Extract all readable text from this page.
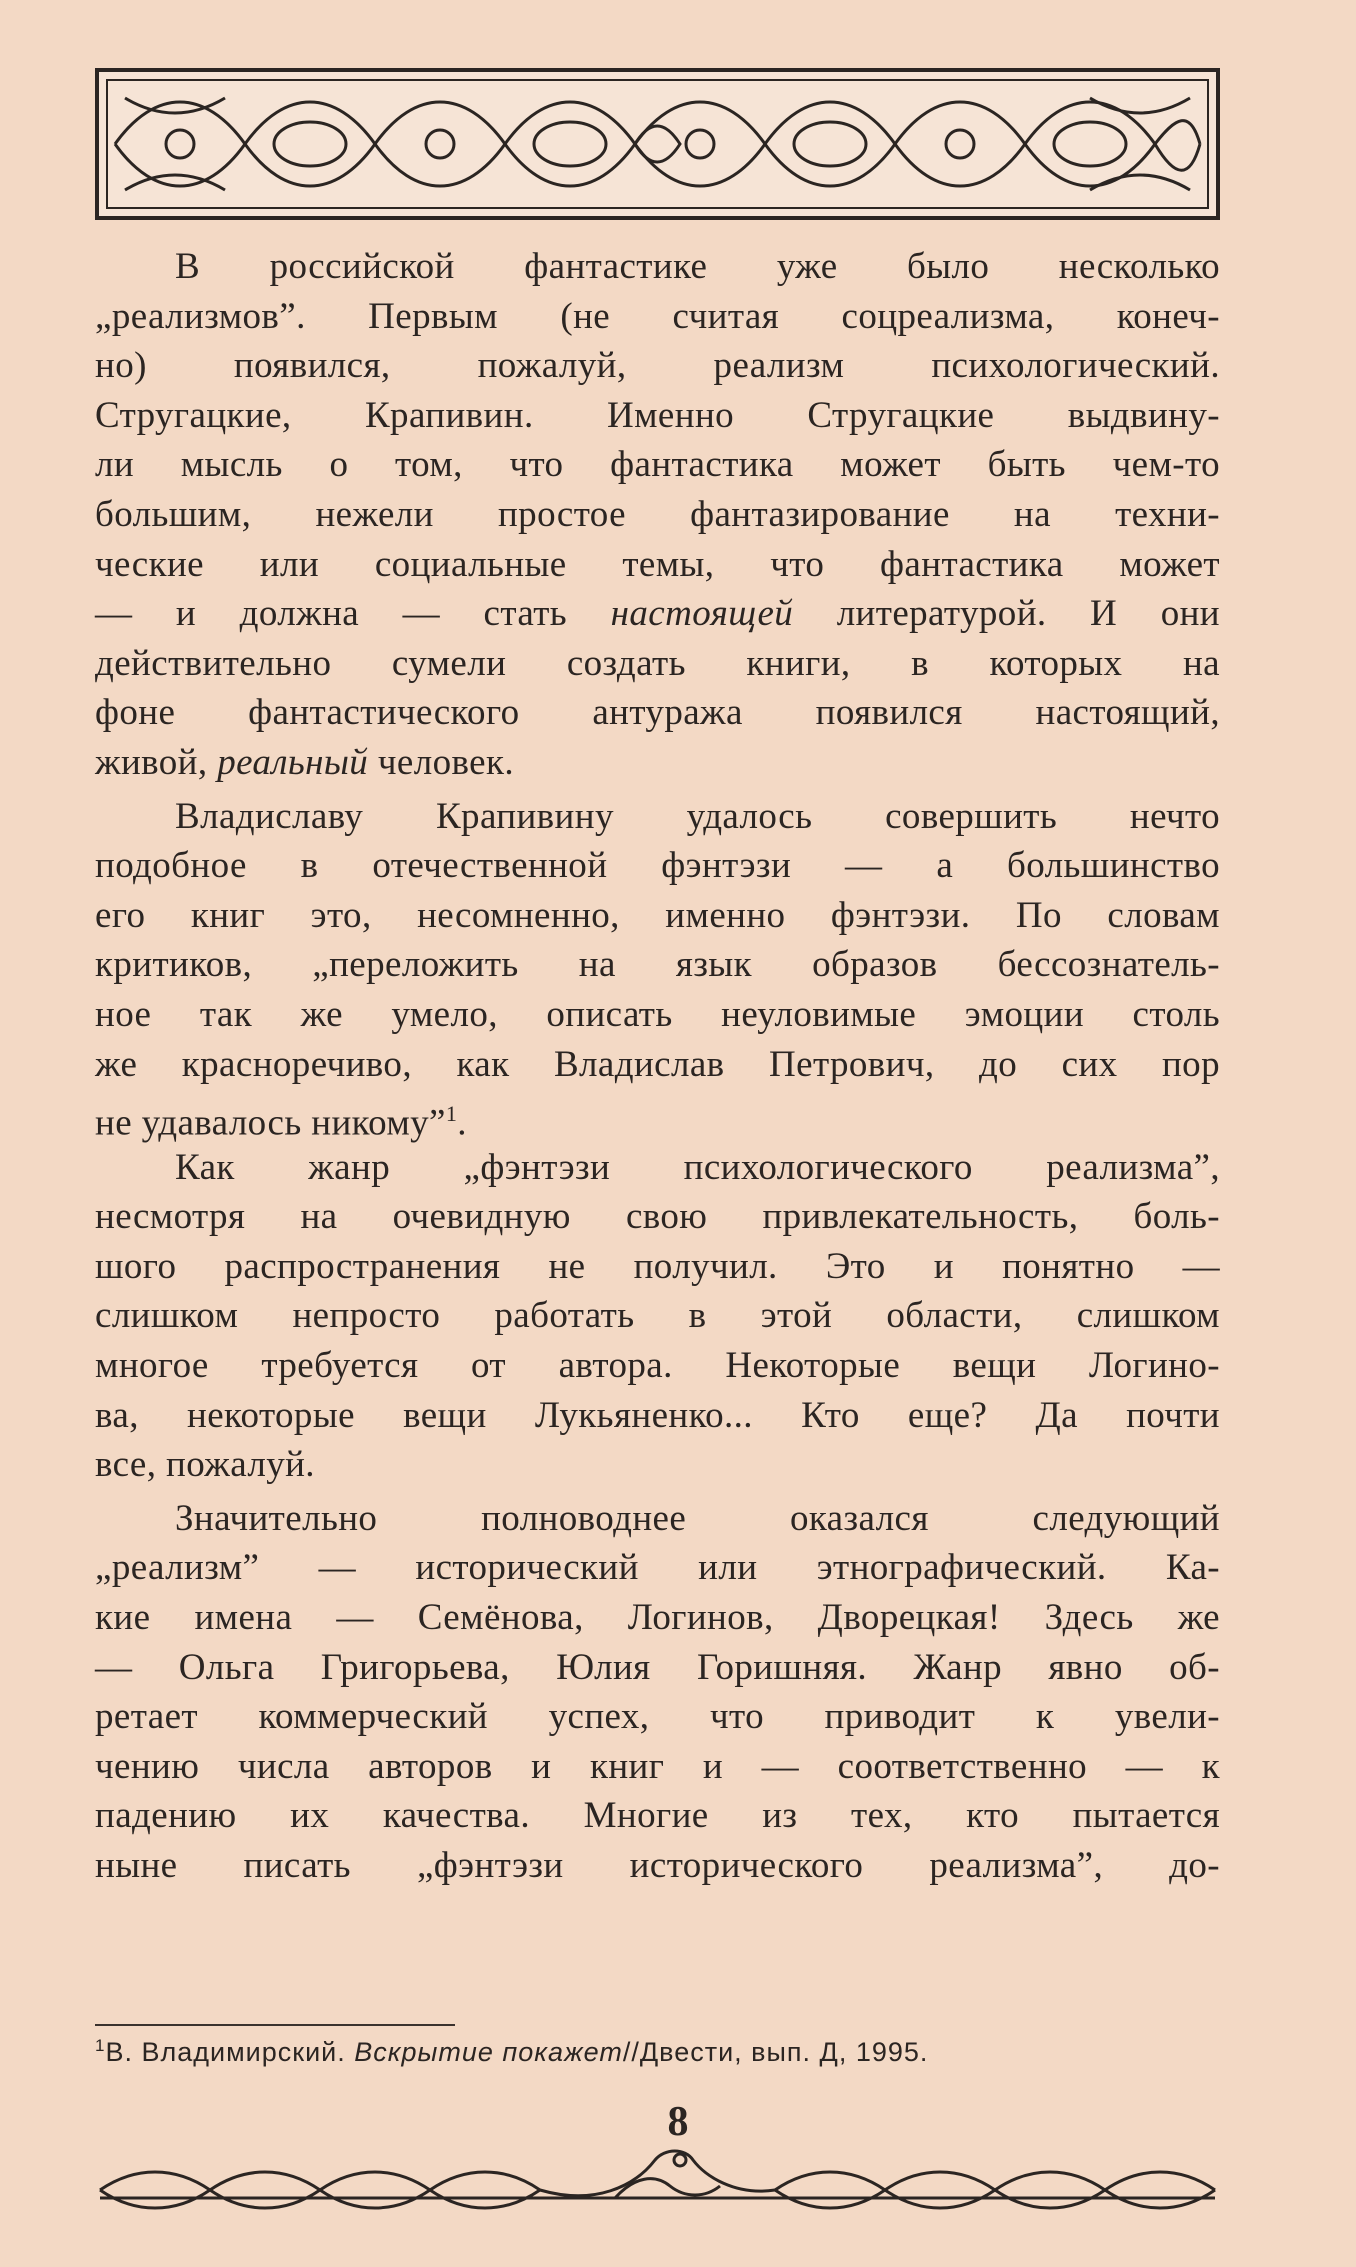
В российской фантастике уже было несколько
„реализмов”. Первым (не считая соцреализма, конеч-
но) появился, пожалуй, реализм психологический.
Стругацкие, Крапивин. Именно Стругацкие выдвину-
ли мысль о том, что фантастика может быть чем-то
большим, нежели простое фантазирование на техни-
ческие или социальные темы, что фантастика может
— и должна — стать настоящей литературой. И они
действительно сумели создать книги, в которых на
фоне фантастического антуража появился настоящий,
живой, реальный человек.
Владиславу Крапивину удалось совершить нечто
подобное в отечественной фэнтэзи — а большинство
его книг это, несомненно, именно фэнтэзи. По словам
критиков, „переложить на язык образов бессознатель-
ное так же умело, описать неуловимые эмоции столь
же красноречиво, как Владислав Петрович, до сих пор
не удавалось никому”$^1$.
Как жанр „фэнтэзи психологического реализма”,
несмотря на очевидную свою привлекательность, боль-
шого распространения не получил. Это и понятно —
слишком непросто работать в этой области, слишком
многое требуется от автора. Некоторые вещи Логино-
ва, некоторые вещи Лукьяненко... Кто еще? Да почти
все, пожалуй.
Значительно полноводнее оказался следующий
„реализм” — исторический или этнографический. Ка-
кие имена — Семёнова, Логинов, Дворецкая! Здесь же
— Ольга Григорьева, Юлия Горишняя. Жанр явно об-
ретает коммерческий успех, что приводит к увели-
чению числа авторов и книг и — соответственно — к
падению их качества. Многие из тех, кто пытается
ныне писать „фэнтэзи исторического реализма”, до-
$^1$В. Владимирский. Вскрытие покажет//Двести, вып. Д, 1995.
8
